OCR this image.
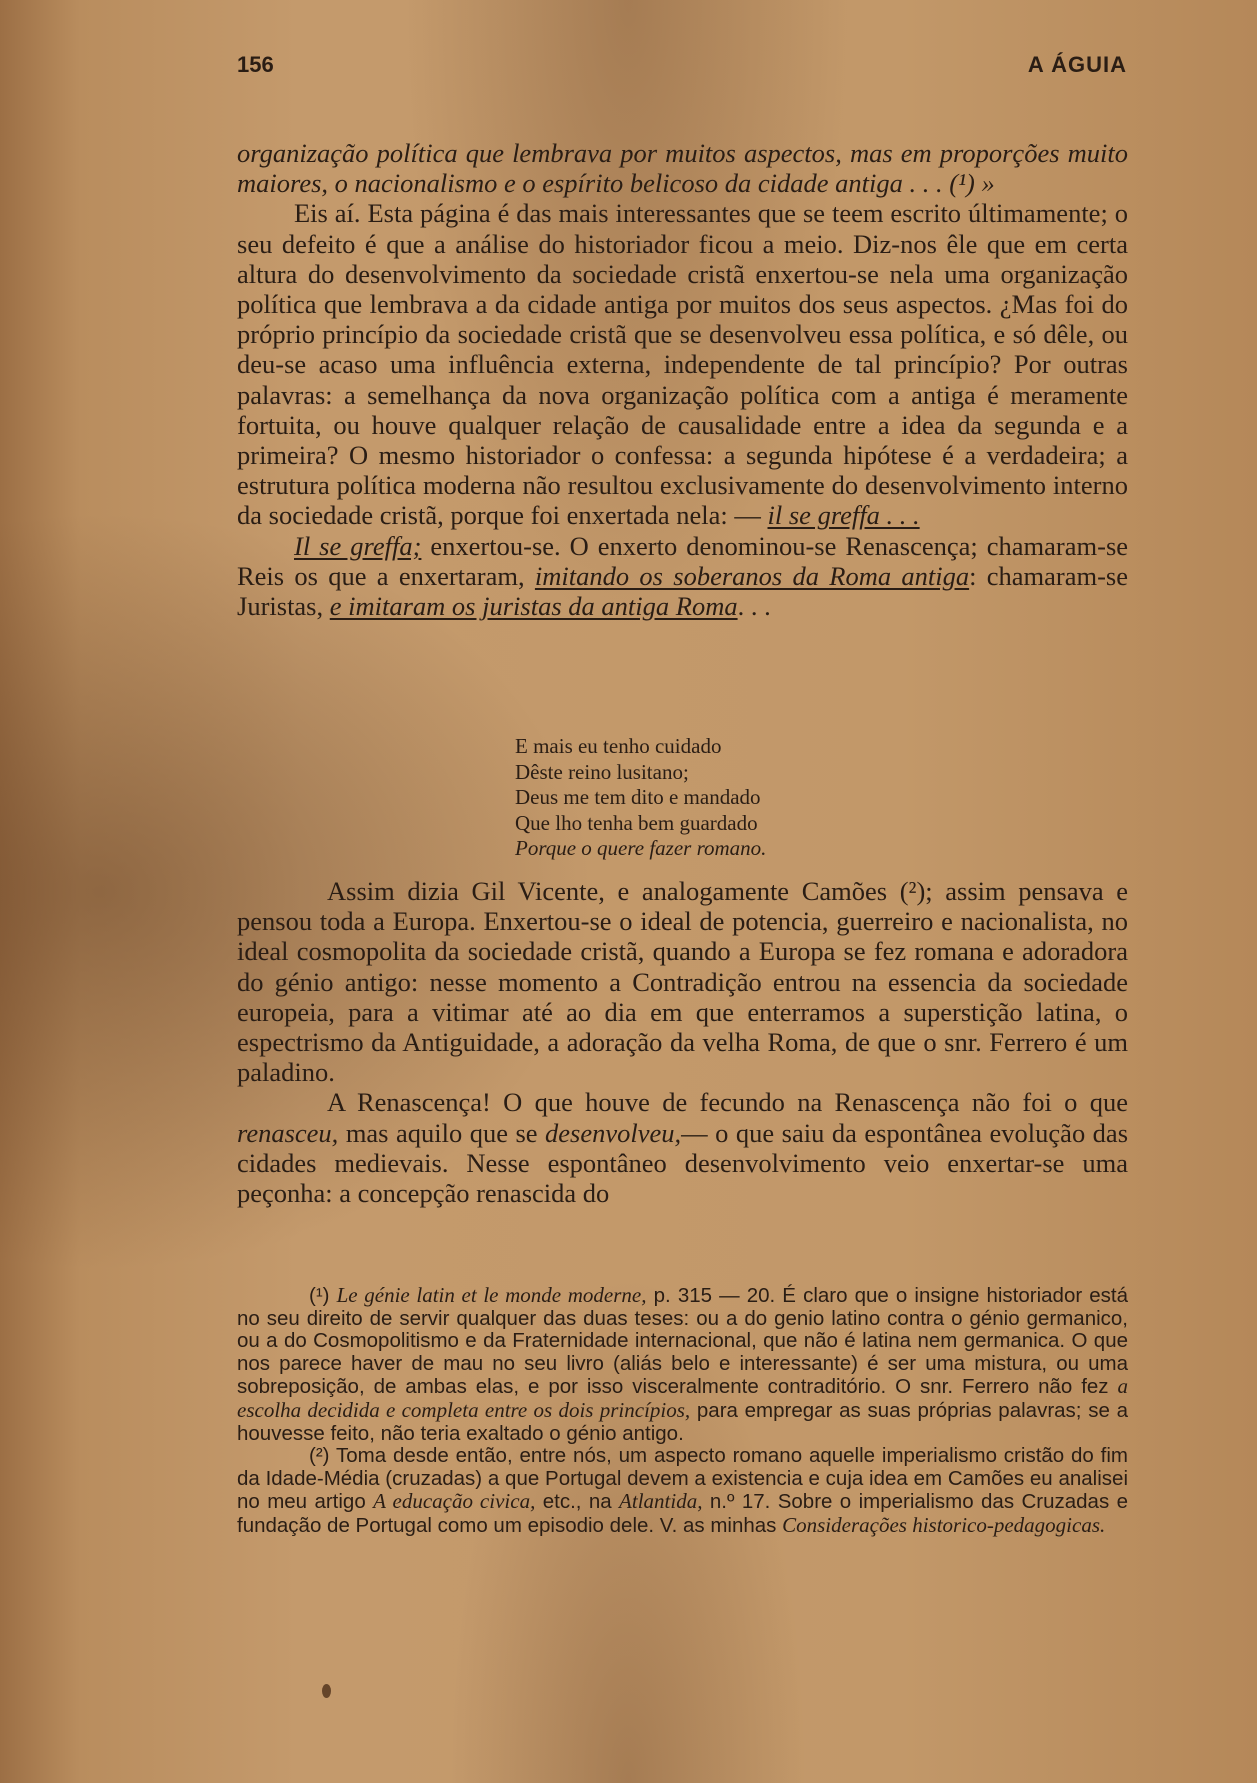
156	A ÁGUIA

organização política que lembrava por muitos aspectos, mas em proporções muito maiores, o nacionalismo e o espírito belicoso da cidade antiga . . . (¹) »

Eis aí. Esta página é das mais interessantes que se teem escrito últimamente; o seu defeito é que a análise do historiador ficou a meio. Diz-nos êle que em certa altura do desenvolvimento da sociedade cristã enxertou-se nela uma organização política que lembrava a da cidade antiga por muitos dos seus aspectos. ¿Mas foi do próprio princípio da sociedade cristã que se desenvolveu essa política, e só dêle, ou deu-se acaso uma influência externa, independente de tal princípio? Por outras palavras: a semelhança da nova organização política com a antiga é meramente fortuita, ou houve qualquer relação de causalidade entre a idea da segunda e a primeira? O mesmo historiador o confessa: a segunda hipótese é a verdadeira; a estrutura política moderna não resultou exclusivamente do desenvolvimento interno da sociedade cristã, porque foi enxertada nela: — il se greffa . . .

Il se greffa; enxertou-se. O enxerto denominou-se Renascença; chamaram-se Reis os que a enxertaram, imitando os soberanos da Roma antiga: chamaram-se Juristas, e imitaram os juristas da antiga Roma. . .

E mais eu tenho cuidado
Dêste reino lusitano;
Deus me tem dito e mandado
Que lho tenha bem guardado
Porque o quere fazer romano.

Assim dizia Gil Vicente, e analogamente Camões (²); assim pensava e pensou toda a Europa. Enxertou-se o ideal de potencia, guerreiro e nacionalista, no ideal cosmopolita da sociedade cristã, quando a Europa se fez romana e adoradora do génio antigo: nesse momento a Contradição entrou na essencia da sociedade europeia, para a vitimar até ao dia em que enterramos a superstição latina, o espectrismo da Antiguidade, a adoração da velha Roma, de que o snr. Ferrero é um paladino.

A Renascença! O que houve de fecundo na Renascença não foi o que renasceu, mas aquilo que se desenvolveu,— o que saiu da espontânea evolução das cidades medievais. Nesse espontâneo desenvolvimento veio enxertar-se uma peçonha: a concepção renascida do

(¹) Le génie latin et le monde moderne, p. 315 — 20. É claro que o insigne historiador está no seu direito de servir qualquer das duas teses: ou a do genio latino contra o génio germanico, ou a do Cosmopolitismo e da Fraternidade internacional, que não é latina nem germanica. O que nos parece haver de mau no seu livro (aliás belo e interessante) é ser uma mistura, ou uma sobreposição, de ambas elas, e por isso visceralmente contraditório. O snr. Ferrero não fez a escolha decidida e completa entre os dois princípios, para empregar as suas próprias palavras; se a houvesse feito, não teria exaltado o génio antigo.

(²) Toma desde então, entre nós, um aspecto romano aquelle imperialismo cristão do fim da Idade-Média (cruzadas) a que Portugal devem a existencia e cuja idea em Camões eu analisei no meu artigo A educação civica, etc., na Atlantida, n.º 17. Sobre o imperialismo das Cruzadas e fundação de Portugal como um episodio dele. V. as minhas Considerações historico-pedagogicas.
